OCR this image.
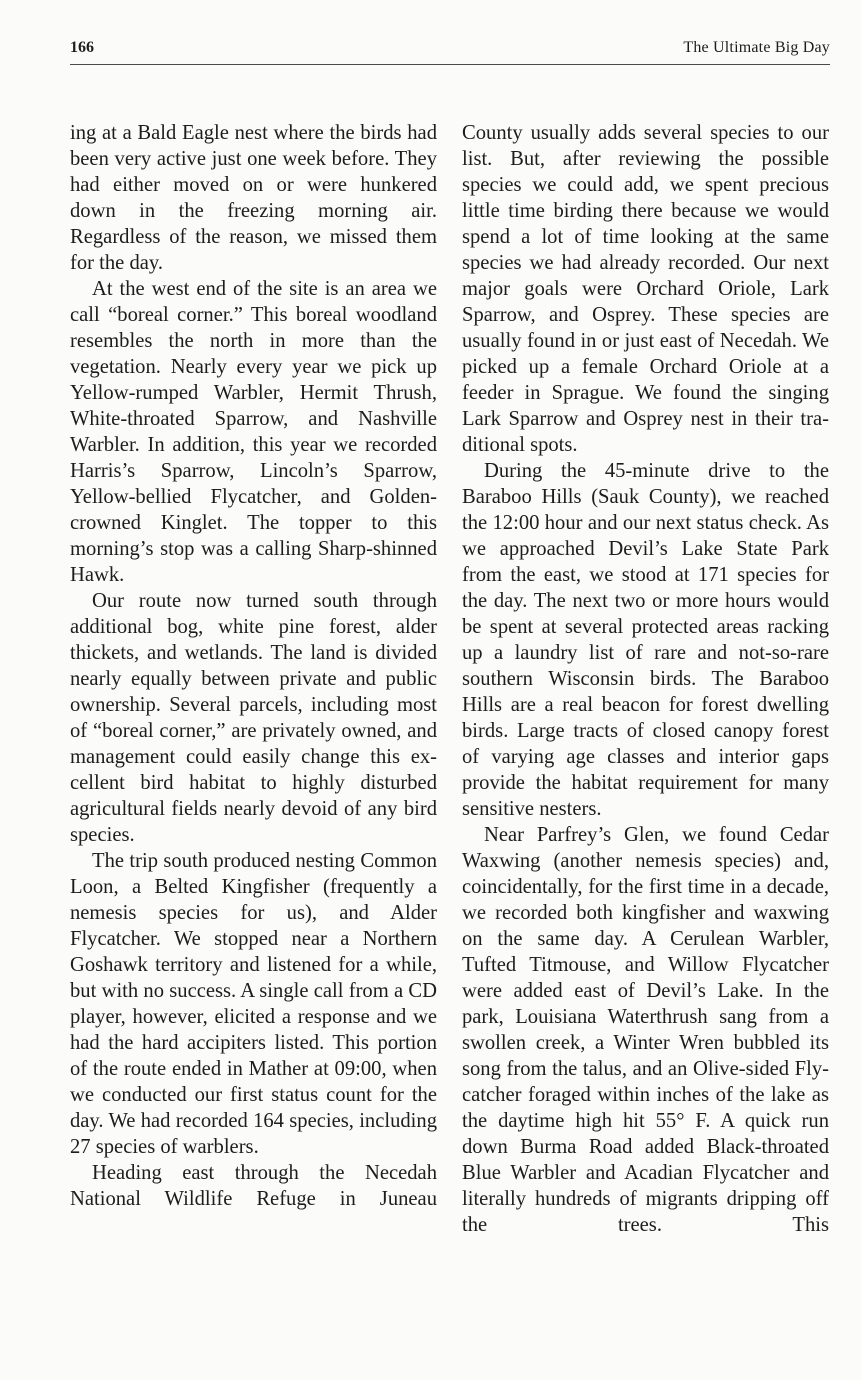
166	The Ultimate Big Day

ing at a Bald Eagle nest where the birds had been very active just one week before. They had either moved on or were hunkered down in the freezing morning air. Regardless of the reason, we missed them for the day.

At the west end of the site is an area we call “boreal corner.” This boreal woodland resembles the north in more than the vegetation. Nearly every year we pick up Yellow-rumped Warbler, Hermit Thrush, White-throated Sparrow, and Nashville Warbler. In addition, this year we recorded Harris’s Sparrow, Lincoln’s Sparrow, Yellow-bellied Flycatcher, and Golden-crowned Kinglet. The topper to this morning’s stop was a calling Sharp-shinned Hawk.

Our route now turned south through additional bog, white pine forest, alder thickets, and wetlands. The land is divided nearly equally between private and public ownership. Several parcels, including most of “boreal corner,” are privately owned, and management could easily change this excellent bird habitat to highly disturbed agricultural fields nearly devoid of any bird species.

The trip south produced nesting Common Loon, a Belted Kingfisher (frequently a nemesis species for us), and Alder Flycatcher. We stopped near a Northern Goshawk territory and listened for a while, but with no success. A single call from a CD player, however, elicited a response and we had the hard accipiters listed. This portion of the route ended in Mather at 09:00, when we conducted our first status count for the day. We had recorded 164 species, including 27 species of warblers.

Heading east through the Necedah National Wildlife Refuge in Juneau

County usually adds several species to our list. But, after reviewing the possible species we could add, we spent precious little time birding there because we would spend a lot of time looking at the same species we had already recorded. Our next major goals were Orchard Oriole, Lark Sparrow, and Osprey. These species are usually found in or just east of Necedah. We picked up a female Orchard Oriole at a feeder in Sprague. We found the singing Lark Sparrow and Osprey nest in their traditional spots.

During the 45-minute drive to the Baraboo Hills (Sauk County), we reached the 12:00 hour and our next status check. As we approached Devil’s Lake State Park from the east, we stood at 171 species for the day. The next two or more hours would be spent at several protected areas racking up a laundry list of rare and not-so-rare southern Wisconsin birds. The Baraboo Hills are a real beacon for forest dwelling birds. Large tracts of closed canopy forest of varying age classes and interior gaps provide the habitat requirement for many sensitive nesters.

Near Parfrey’s Glen, we found Cedar Waxwing (another nemesis species) and, coincidentally, for the first time in a decade, we recorded both kingfisher and waxwing on the same day. A Cerulean Warbler, Tufted Titmouse, and Willow Flycatcher were added east of Devil’s Lake. In the park, Louisiana Waterthrush sang from a swollen creek, a Winter Wren bubbled its song from the talus, and an Olive-sided Flycatcher foraged within inches of the lake as the daytime high hit 55° F. A quick run down Burma Road added Black-throated Blue Warbler and Acadian Flycatcher and literally hundreds of migrants dripping off the trees. This
